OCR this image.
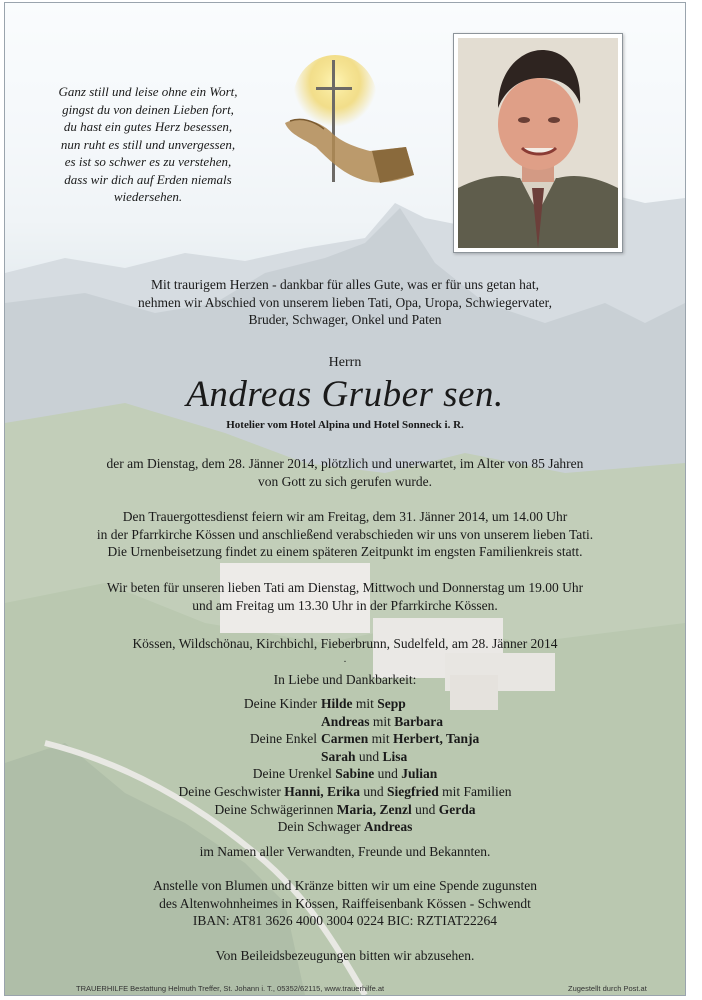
Ganz still und leise ohne ein Wort,
gingst du von deinen Lieben fort,
du hast ein gutes Herz besessen,
nun ruht es still und unvergessen,
es ist so schwer es zu verstehen,
dass wir dich auf Erden niemals
wiedersehen.
Mit traurigem Herzen - dankbar für alles Gute, was er für uns getan hat,
nehmen wir Abschied von unserem lieben Tati, Opa, Uropa, Schwiegervater,
Bruder, Schwager, Onkel und Paten
Herrn
Andreas Gruber sen.
Hotelier vom Hotel Alpina und Hotel Sonneck i. R.
der am Dienstag, dem 28. Jänner 2014, plötzlich und unerwartet, im Alter von 85 Jahren
von Gott zu sich gerufen wurde.
Den Trauergottesdienst feiern wir am Freitag, dem 31. Jänner 2014, um 14.00 Uhr
in der Pfarrkirche Kössen und anschließend verabschieden wir uns von unserem lieben Tati.
Die Urnenbeisetzung findet zu einem späteren Zeitpunkt im engsten Familienkreis statt.
Wir beten für unseren lieben Tati am Dienstag, Mittwoch und Donnerstag um 19.00 Uhr
und am Freitag um 13.30 Uhr in der Pfarrkirche Kössen.
Kössen, Wildschönau, Kirchbichl, Fieberbrunn, Sudelfeld, am 28. Jänner 2014
.
In Liebe und Dankbarkeit:
Deine Kinder Hilde mit Sepp
Andreas mit Barbara
Deine Enkel Carmen mit Herbert, Tanja
Sarah und Lisa
Deine Urenkel Sabine und Julian
Deine Geschwister Hanni, Erika und Siegfried mit Familien
Deine Schwägerinnen Maria, Zenzl und Gerda
Dein Schwager Andreas
im Namen aller Verwandten, Freunde und Bekannten.
Anstelle von Blumen und Kränze bitten wir um eine Spende zugunsten
des Altenwohnheimes in Kössen, Raiffeisenbank Kössen - Schwendt
IBAN: AT81 3626 4000 3004 0224 BIC: RZTIAT22264
Von Beileidsbezeugungen bitten wir abzusehen.
TRAUERHILFE Bestattung Helmuth Treffer, St. Johann i. T., 05352/62115, www.trauerhilfe.at	Zugestellt durch Post.at
